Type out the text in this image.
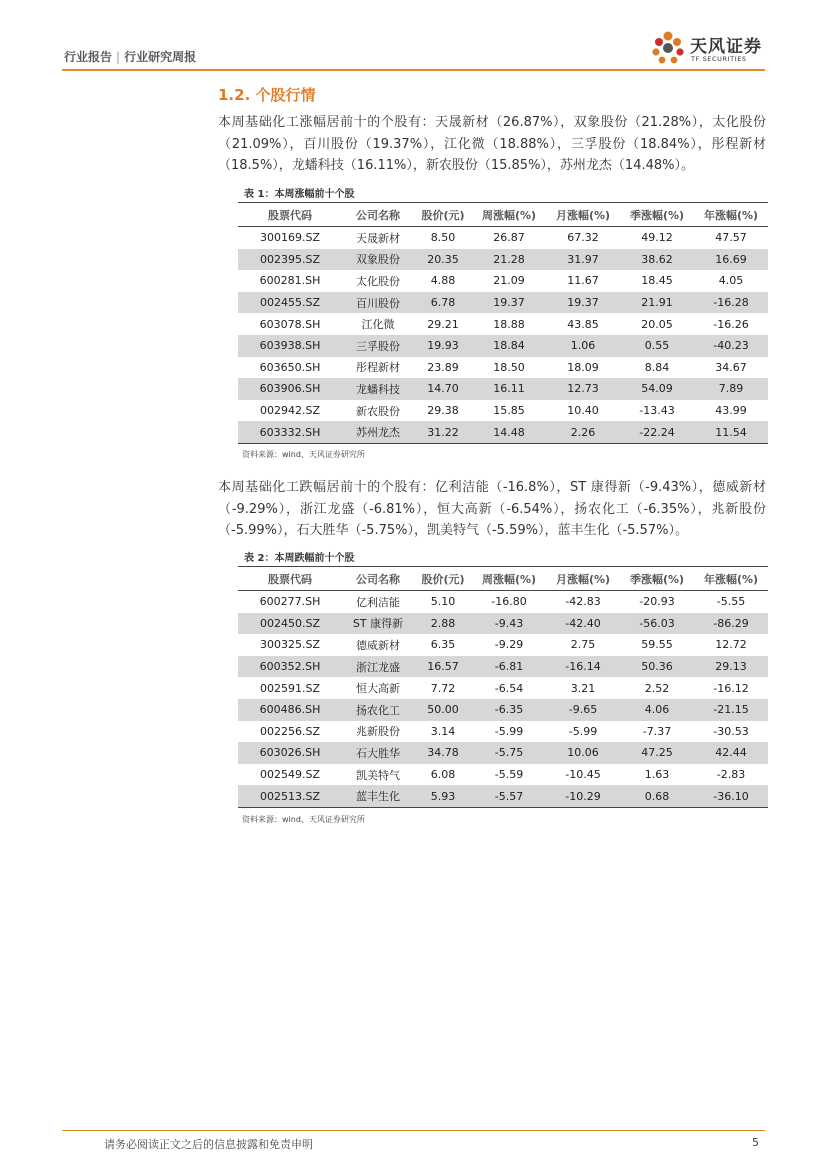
行业报告 | 行业研究周报	天风证券
TF SECURITIES
1.2. 个股行情
本周基础化工涨幅居前十的个股有：天晟新材（26.87%），双象股份（21.28%），太化股份（21.09%），百川股份（19.37%），江化微（18.88%），三孚股份（18.84%），彤程新材（18.5%），龙蟠科技（16.11%），新农股份（15.85%），苏州龙杰（14.48%）。
表 1：本周涨幅前十个股
股票代码	公司名称	股价(元)	周涨幅(%)	月涨幅(%)	季涨幅(%)	年涨幅(%)
300169.SZ	天晟新材	8.50	26.87	67.32	49.12	47.57
002395.SZ	双象股份	20.35	21.28	31.97	38.62	16.69
600281.SH	太化股份	4.88	21.09	11.67	18.45	4.05
002455.SZ	百川股份	6.78	19.37	19.37	21.91	-16.28
603078.SH	江化微	29.21	18.88	43.85	20.05	-16.26
603938.SH	三孚股份	19.93	18.84	1.06	0.55	-40.23
603650.SH	彤程新材	23.89	18.50	18.09	8.84	34.67
603906.SH	龙蟠科技	14.70	16.11	12.73	54.09	7.89
002942.SZ	新农股份	29.38	15.85	10.40	-13.43	43.99
603332.SH	苏州龙杰	31.22	14.48	2.26	-22.24	11.54
资料来源：wind、天风证券研究所
本周基础化工跌幅居前十的个股有：亿利洁能（-16.8%），ST 康得新（-9.43%），德威新材（-9.29%），浙江龙盛（-6.81%），恒大高新（-6.54%），扬农化工（-6.35%），兆新股份（-5.99%），石大胜华（-5.75%），凯美特气（-5.59%），蓝丰生化（-5.57%）。
表 2：本周跌幅前十个股
股票代码	公司名称	股价(元)	周涨幅(%)	月涨幅(%)	季涨幅(%)	年涨幅(%)
600277.SH	亿利洁能	5.10	-16.80	-42.83	-20.93	-5.55
002450.SZ	ST 康得新	2.88	-9.43	-42.40	-56.03	-86.29
300325.SZ	德威新材	6.35	-9.29	2.75	59.55	12.72
600352.SH	浙江龙盛	16.57	-6.81	-16.14	50.36	29.13
002591.SZ	恒大高新	7.72	-6.54	3.21	2.52	-16.12
600486.SH	扬农化工	50.00	-6.35	-9.65	4.06	-21.15
002256.SZ	兆新股份	3.14	-5.99	-5.99	-7.37	-30.53
603026.SH	石大胜华	34.78	-5.75	10.06	47.25	42.44
002549.SZ	凯美特气	6.08	-5.59	-10.45	1.63	-2.83
002513.SZ	蓝丰生化	5.93	-5.57	-10.29	0.68	-36.10
资料来源：wind、天风证券研究所
请务必阅读正文之后的信息披露和免责申明	5
